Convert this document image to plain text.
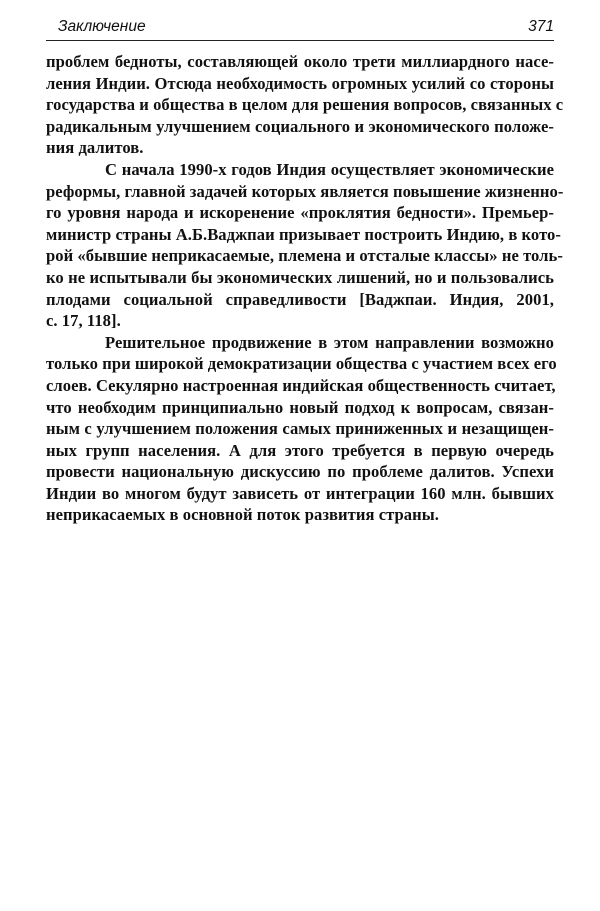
Заключение	371
проблем бедноты, составляющей около трети миллиардного насе-
ления Индии. Отсюда необходимость огромных усилий со стороны
государства и общества в целом для решения вопросов, связанных с
радикальным улучшением социального и экономического положе-
ния далитов.
С начала 1990-х годов Индия осуществляет экономические
реформы, главной задачей которых является повышение жизненно-
го уровня народа и искоренение «проклятия бедности». Премьер-
министр страны А.Б.Ваджпаи призывает построить Индию, в кото-
рой «бывшие неприкасаемые, племена и отсталые классы» не толь-
ко не испытывали бы экономических лишений, но и пользовались
плодами социальной справедливости [Ваджпаи. Индия, 2001,
с. 17, 118].
Решительное продвижение в этом направлении возможно
только при широкой демократизации общества с участием всех его
слоев. Секулярно настроенная индийская общественность считает,
что необходим принципиально новый подход к вопросам, связан-
ным с улучшением положения самых приниженных и незащищен-
ных групп населения. А для этого требуется в первую очередь
провести национальную дискуссию по проблеме далитов. Успехи
Индии во многом будут зависеть от интеграции 160 млн. бывших
неприкасаемых в основной поток развития страны.
